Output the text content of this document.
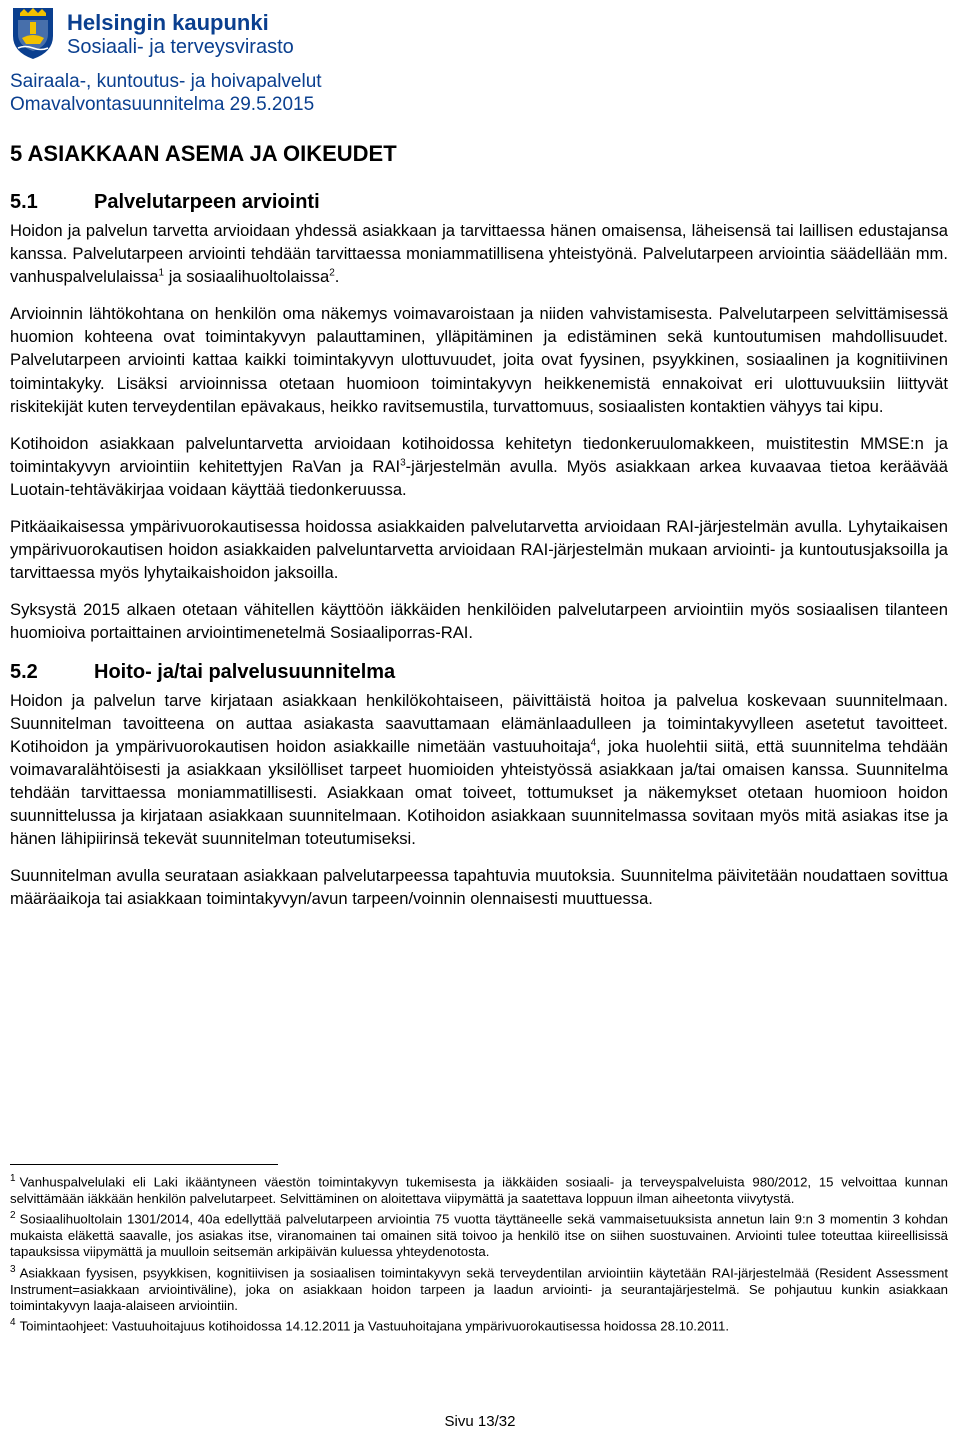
Helsingin kaupunki
Sosiaali- ja terveysvirasto
Sairaala-, kuntoutus- ja hoivapalvelut
Omavalvontasuunnitelma 29.5.2015
5 ASIAKKAAN ASEMA JA OIKEUDET
5.1	Palvelutarpeen arviointi

Hoidon ja palvelun tarvetta arvioidaan yhdessä asiakkaan ja tarvittaessa hänen omaisensa, läheisensä tai laillisen edustajansa kanssa. Palvelutarpeen arviointi tehdään tarvittaessa moniammatillisena yhteistyönä. Palvelutarpeen arviointia säädellään mm. vanhuspalvelulaissa$^1$ ja sosiaalihuoltolaissa$^2$.

Arvioinnin lähtökohtana on henkilön oma näkemys voimavaroistaan ja niiden vahvistamisesta. Palvelutarpeen selvittämisessä huomion kohteena ovat toimintakyvyn palauttaminen, ylläpitäminen ja edistäminen sekä kuntoutumisen mahdollisuudet. Palvelutarpeen arviointi kattaa kaikki toimintakyvyn ulottuvuudet, joita ovat fyysinen, psyykkinen, sosiaalinen ja kognitiivinen toimintakyky. Lisäksi arvioinnissa otetaan huomioon toimintakyvyn heikkenemistä ennakoivat eri ulottuvuuksiin liittyvät riskitekijät kuten terveydentilan epävakaus, heikko ravitsemustila, turvattomuus, sosiaalisten kontaktien vähyys tai kipu.

Kotihoidon asiakkaan palveluntarvetta arvioidaan kotihoidossa kehitetyn tiedonkeruulomakkeen, muistitestin MMSE:n ja toimintakyvyn arviointiin kehitettyjen RaVan ja RAI$^3$-järjestelmän avulla. Myös asiakkaan arkea kuvaavaa tietoa keräävää Luotain-tehtäväkirjaa voidaan käyttää tiedonkeruussa.

Pitkäaikaisessa ympärivuorokautisessa hoidossa asiakkaiden palvelutarvetta arvioidaan RAI-järjestelmän avulla. Lyhytaikaisen ympärivuorokautisen hoidon asiakkaiden palveluntarvetta arvioidaan RAI-järjestelmän mukaan arviointi- ja kuntoutusjaksoilla ja tarvittaessa myös lyhytaikaishoidon jaksoilla.

Syksystä 2015 alkaen otetaan vähitellen käyttöön iäkkäiden henkilöiden palvelutarpeen arviointiin myös sosiaalisen tilanteen huomioiva portaittainen arviointimenetelmä Sosiaaliporras-RAI.

5.2	Hoito- ja/tai palvelusuunnitelma

Hoidon ja palvelun tarve kirjataan asiakkaan henkilökohtaiseen, päivittäistä hoitoa ja palvelua koskevaan suunnitelmaan. Suunnitelman tavoitteena on auttaa asiakasta saavuttamaan elämänlaadulleen ja toimintakyvylleen asetetut tavoitteet. Kotihoidon ja ympärivuorokautisen hoidon asiakkaille nimetään vastuuhoitaja$^4$, joka huolehtii siitä, että suunnitelma tehdään voimavaralähtöisesti ja asiakkaan yksilölliset tarpeet huomioiden yhteistyössä asiakkaan ja/tai omaisen kanssa. Suunnitelma tehdään tarvittaessa moniammatillisesti. Asiakkaan omat toiveet, tottumukset ja näkemykset otetaan huomioon hoidon suunnittelussa ja kirjataan asiakkaan suunnitelmaan. Kotihoidon asiakkaan suunnitelmassa sovitaan myös mitä asiakas itse ja hänen lähipiirinsä tekevät suunnitelman toteutumiseksi.

Suunnitelman avulla seurataan asiakkaan palvelutarpeessa tapahtuvia muutoksia. Suunnitelma päivitetään noudattaen sovittua määräaikoja tai asiakkaan toimintakyvyn/avun tarpeen/voinnin olennaisesti muuttuessa.

$^1$ Vanhuspalvelulaki eli Laki ikääntyneen väestön toimintakyvyn tukemisesta ja iäkkäiden sosiaali- ja terveyspalveluista 980/2012, 15 velvoittaa kunnan selvittämään iäkkään henkilön palvelutarpeet. Selvittäminen on aloitettava viipymättä ja saatettava loppuun ilman aiheetonta viivytystä.

$^2$ Sosiaalihuoltolain 1301/2014, 40a edellyttää palvelutarpeen arviointia 75 vuotta täyttäneelle sekä vammaisetuuksista annetun lain 9:n 3 momentin 3 kohdan mukaista eläkettä saavalle, jos asiakas itse, viranomainen tai omainen sitä toivoo ja henkilö itse on siihen suostuvainen. Arviointi tulee toteuttaa kiireellisissä tapauksissa viipymättä ja muulloin seitsemän arkipäivän kuluessa yhteydenotosta.

$^3$ Asiakkaan fyysisen, psyykkisen, kognitiivisen ja sosiaalisen toimintakyvyn sekä terveydentilan arviointiin käytetään RAI-järjestelmää (Resident Assessment Instrument=asiakkaan arviointiväline), joka on asiakkaan hoidon tarpeen ja laadun arviointi- ja seurantajärjestelmä. Se pohjautuu kunkin asiakkaan toimintakyvyn laaja-alaiseen arviointiin.

$^4$ Toimintaohjeet: Vastuuhoitajuus kotihoidossa 14.12.2011 ja Vastuuhoitajana ympärivuorokautisessa hoidossa 28.10.2011.

Sivu 13/32
